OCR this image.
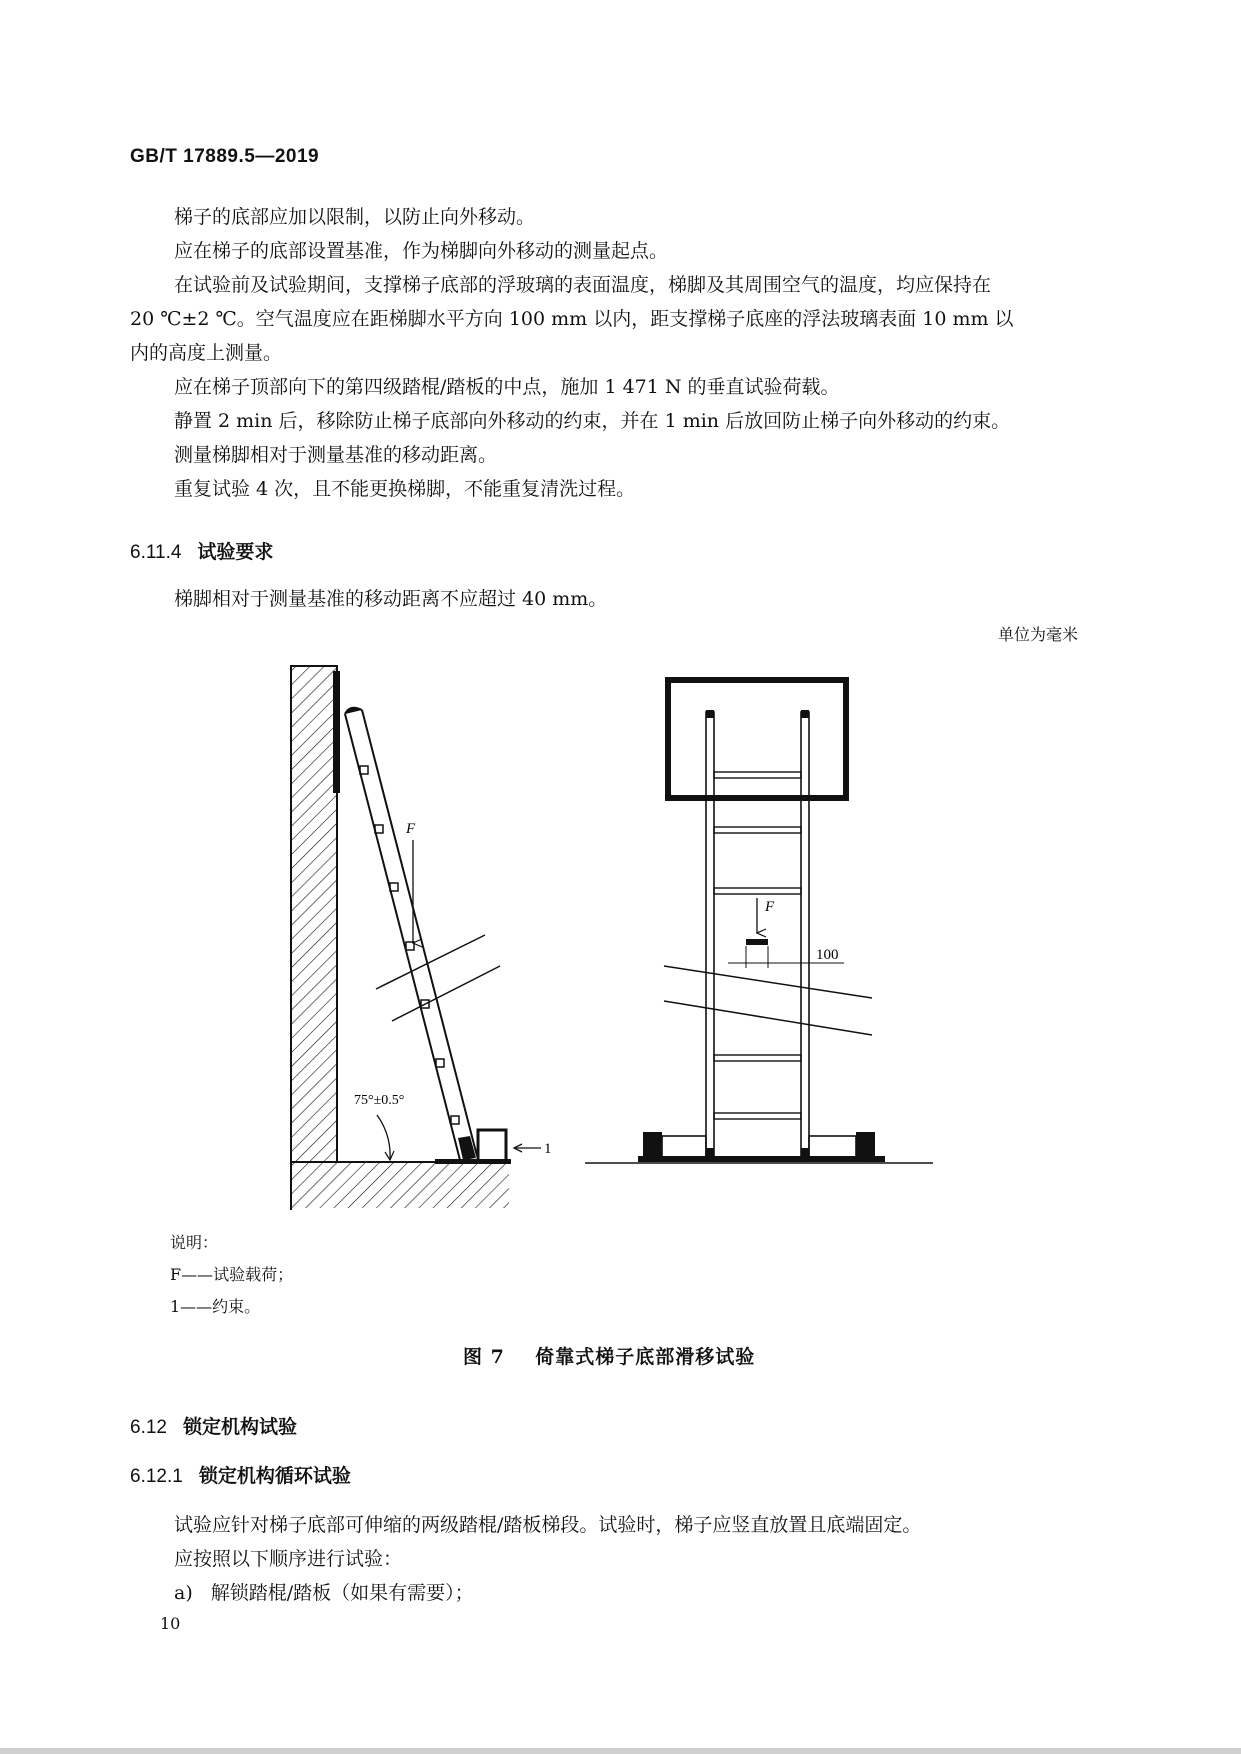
GB/T 17889.5—2019

梯子的底部应加以限制，以防止向外移动。

应在梯子的底部设置基准，作为梯脚向外移动的测量起点。

在试验前及试验期间，支撑梯子底部的浮玻璃的表面温度，梯脚及其周围空气的温度，均应保持在

20 ℃±2 ℃。空气温度应在距梯脚水平方向 100 mm 以内，距支撑梯子底座的浮法玻璃表面 10 mm 以

内的高度上测量。

应在梯子顶部向下的第四级踏棍/踏板的中点，施加 1 471 N 的垂直试验荷载。

静置 2 min 后，移除防止梯子底部向外移动的约束，并在 1 min 后放回防止梯子向外移动的约束。

测量梯脚相对于测量基准的移动距离。

重复试验 4 次，且不能更换梯脚，不能重复清洗过程。

6.11.4 试验要求

梯脚相对于测量基准的移动距离不应超过 40 mm。

单位为毫米
F
75°±0.5°
1
F
100
说明：
F——试验载荷；
1——约束。
图 7    倚靠式梯子底部滑移试验
6.12 锁定机构试验
6.12.1 锁定机构循环试验

试验应针对梯子底部可伸缩的两级踏棍/踏板梯段。试验时，梯子应竖直放置且底端固定。

应按照以下顺序进行试验：

a) 解锁踏棍/踏板（如果有需要）；

10
